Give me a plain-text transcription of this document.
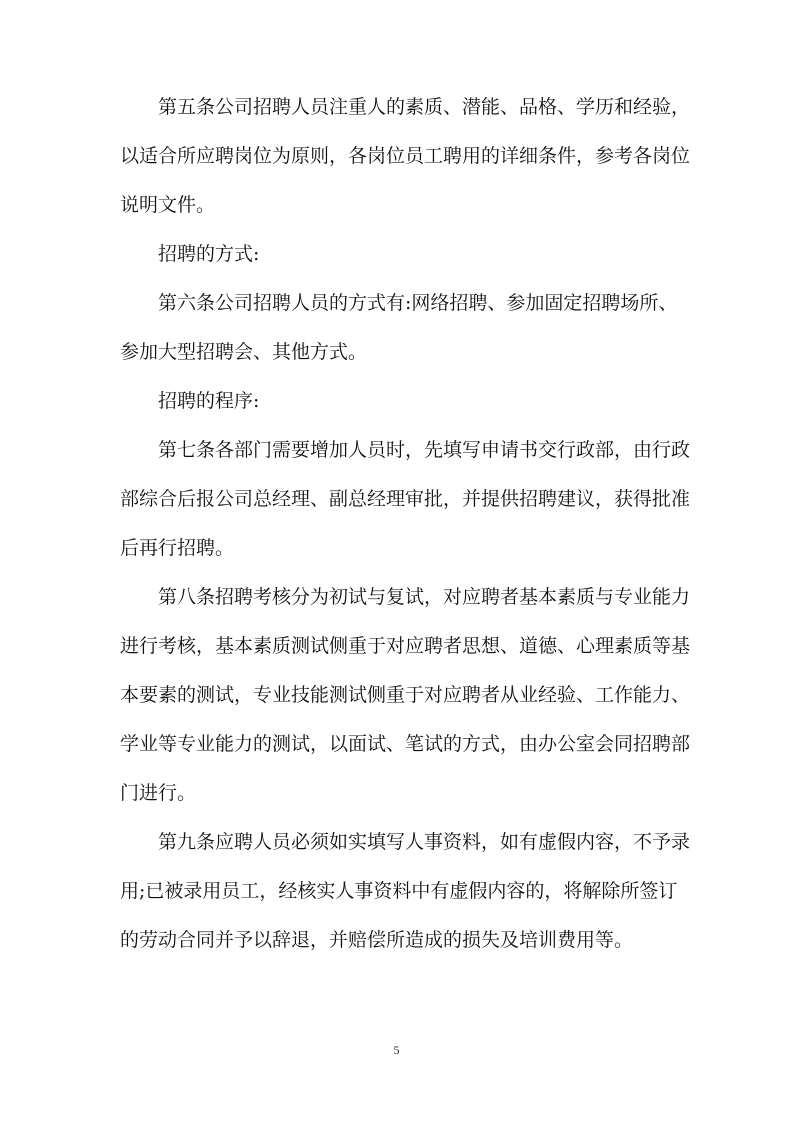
第五条公司招聘人员注重人的素质、潜能、品格、学历和经验，
以适合所应聘岗位为原则，各岗位员工聘用的详细条件，参考各岗位
说明文件。
招聘的方式:
第六条公司招聘人员的方式有:网络招聘、参加固定招聘场所、
参加大型招聘会、其他方式。
招聘的程序:
第七条各部门需要增加人员时，先填写申请书交行政部，由行政
部综合后报公司总经理、副总经理审批，并提供招聘建议，获得批准
后再行招聘。
第八条招聘考核分为初试与复试，对应聘者基本素质与专业能力
进行考核，基本素质测试侧重于对应聘者思想、道德、心理素质等基
本要素的测试，专业技能测试侧重于对应聘者从业经验、工作能力、
学业等专业能力的测试，以面试、笔试的方式，由办公室会同招聘部
门进行。
第九条应聘人员必须如实填写人事资料，如有虚假内容，不予录
用;已被录用员工，经核实人事资料中有虚假内容的，将解除所签订
的劳动合同并予以辞退，并赔偿所造成的损失及培训费用等。
5
